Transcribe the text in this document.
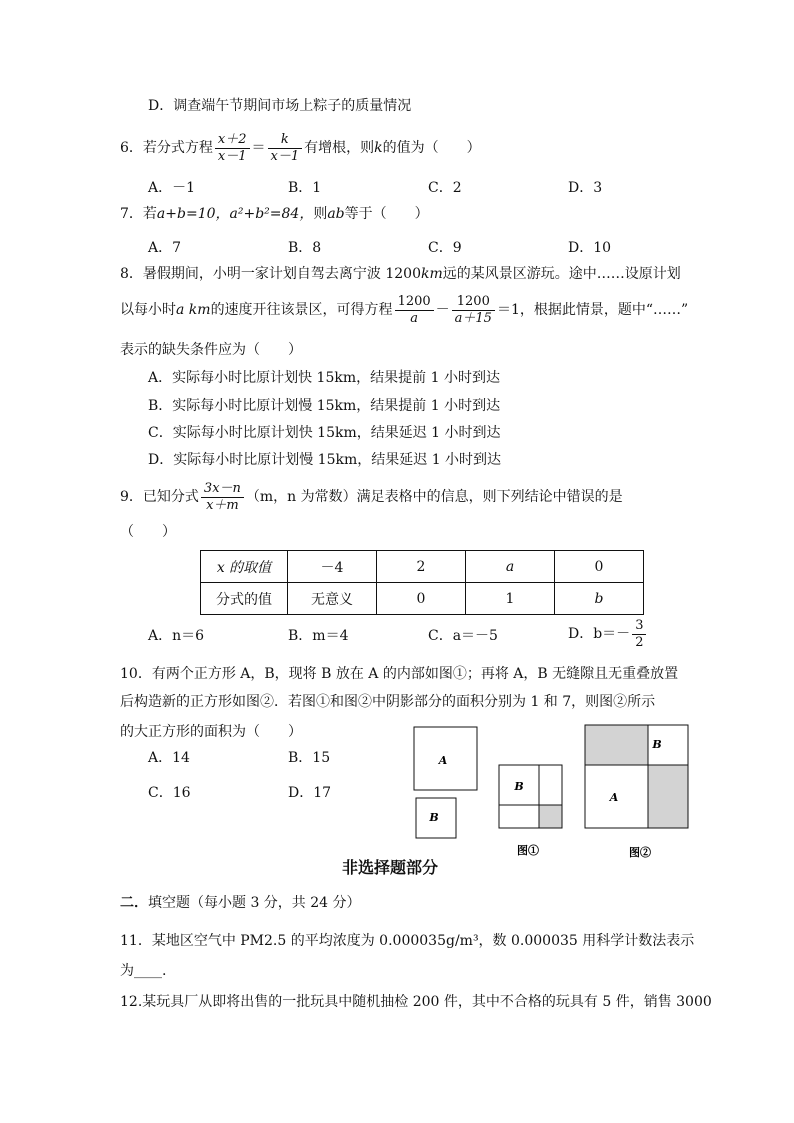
D．调查端午节期间市场上粽子的质量情况
6．若分式方程 $\frac{x+2}{x-1} = \frac{k}{x-1}$ 有增根，则k的值为（　　）
A．－1	B．1	C．2	D．3
7．若a+b=10，a²+b²=84，则ab等于（　　）
A．7	B．8	C．9	D．10
8．暑假期间，小明一家计划自驾去离宁波 1200km远的某风景区游玩。途中……设原计划
以每小时a km的速度开往该景区，可得方程 $\frac{1200}{a} - \frac{1200}{a+15} =1$，根据此情景，题中“……”
表示的缺失条件应为（　　）
A．实际每小时比原计划快 15km，结果提前 1 小时到达
B．实际每小时比原计划慢 15km，结果提前 1 小时到达
C．实际每小时比原计划快 15km，结果延迟 1 小时到达
D．实际每小时比原计划慢 15km，结果延迟 1 小时到达
9．已知分式 $\frac{3x-n}{x+m} (m$，n 为常数）满足表格中的信息，则下列结论中错误的是
（　　）
x 的取值	－4	2	a	0
分式的值	无意义	0	1	b
A．n＝6	B．m＝4	C．a＝－5	D．$b=- \frac{3}{2}$
10．有两个正方形 A，B，现将 B 放在 A 的内部如图①；再将 A，B 无缝隙且无重叠放置
后构造新的正方形如图②．若图①和图②中阴影部分的面积分别为 1 和 7，则图②所示
的大正方形的面积为（　　）
A．14	B．15
C．16	D．17
A
B
B
图①
A
B
图②
非选择题部分
二．填空题（每小题 3 分，共 24 分）
11．某地区空气中 PM2.5 的平均浓度为 0.000035g/m³，数 0.000035 用科学计数法表示
为____.
12.某玩具厂从即将出售的一批玩具中随机抽检 200 件，其中不合格的玩具有 5 件，销售 3000
